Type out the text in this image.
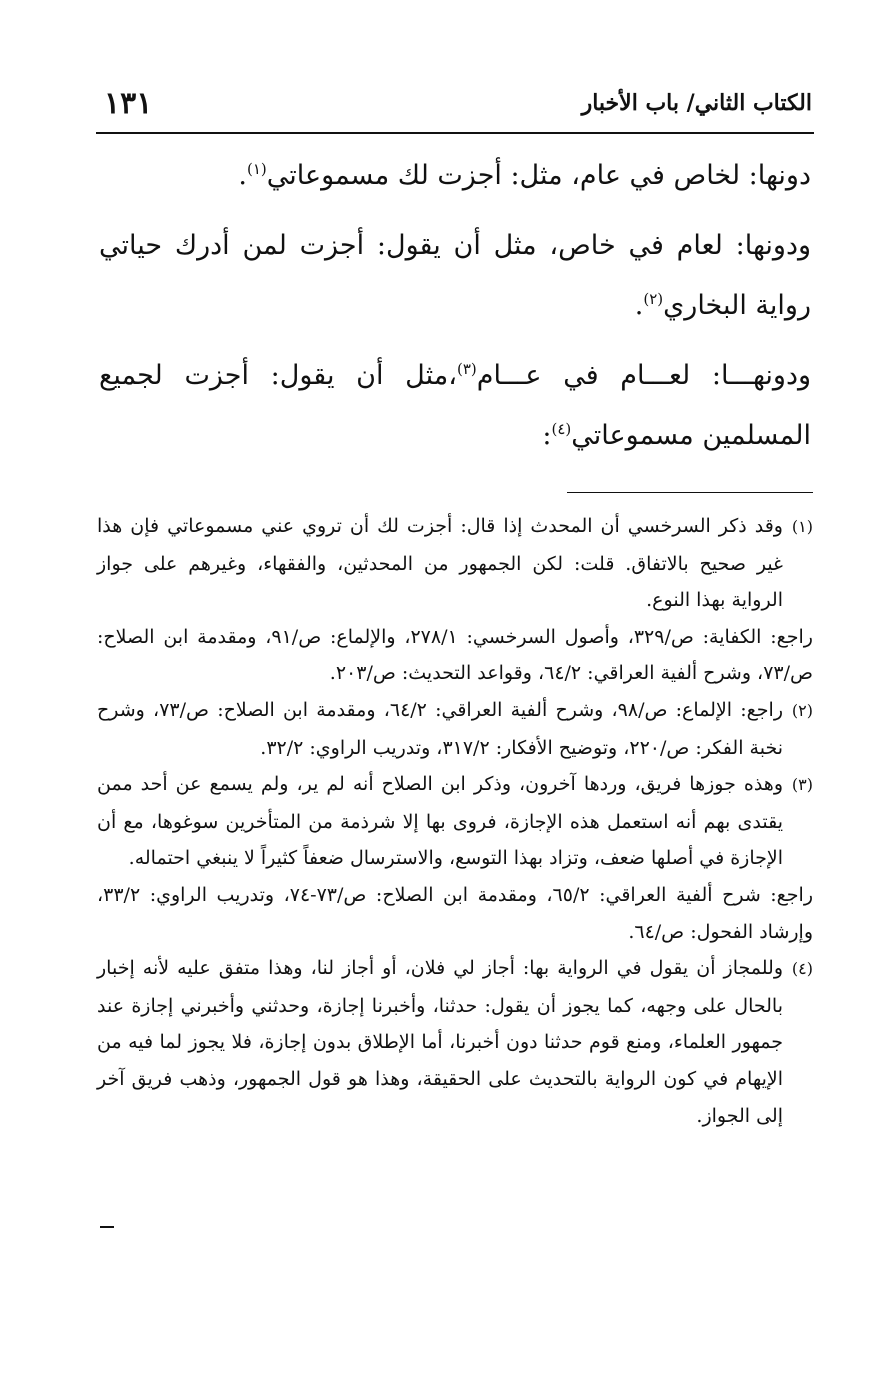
الكتاب الثاني/ باب الأخبار
١٣١

دونها: لخاص في عام، مثل: أجزت لك مسموعاتي$^{(١)}$.

ودونها: لعام في خاص، مثل أن يقول: أجزت لمن أدرك حياتي رواية البخاري$^{(٢)}$.

ودونهـــا: لعـــام في عـــام$^{(٣)}$،مثل أن يقول: أجزت لجميع المسلمين مسموعاتي$^{(٤)}$:

(١)وقد ذكر السرخسي أن المحدث إذا قال: أجزت لك أن تروي عني مسموعاتي فإن هذا غير صحيح بالاتفاق. قلت: لكن الجمهور من المحدثين، والفقهاء، وغيرهم على جواز الرواية بهذا النوع.

راجع: الكفاية: ص/٣٢٩، وأصول السرخسي: ٢٧٨/١، والإلماع: ص/٩١، ومقدمة ابن الصلاح: ص/٧٣، وشرح ألفية العراقي: ٦٤/٢، وقواعد التحديث: ص/٢٠٣.

(٢)راجع: الإلماع: ص/٩٨، وشرح ألفية العراقي: ٦٤/٢، ومقدمة ابن الصلاح: ص/٧٣، وشرح نخبة الفكر: ص/٢٢٠، وتوضيح الأفكار: ٣١٧/٢، وتدريب الراوي: ٣٢/٢.

(٣)وهذه جوزها فريق، وردها آخرون، وذكر ابن الصلاح أنه لم ير، ولم يسمع عن أحد ممن يقتدى بهم أنه استعمل هذه الإجازة، فروى بها إلا شرذمة من المتأخرين سوغوها، مع أن الإجازة في أصلها ضعف، وتزاد بهذا التوسع، والاسترسال ضعفاً كثيراً لا ينبغي احتماله.

راجع: شرح ألفية العراقي: ٦٥/٢، ومقدمة ابن الصلاح: ص/٧٣-٧٤، وتدريب الراوي: ٣٣/٢، وإرشاد الفحول: ص/٦٤.

(٤)وللمجاز أن يقول في الرواية بها: أجاز لي فلان، أو أجاز لنا، وهذا متفق عليه لأنه إخبار بالحال على وجهه، كما يجوز أن يقول: حدثنا، وأخبرنا إجازة، وحدثني وأخبرني إجازة عند جمهور العلماء، ومنع قوم حدثنا دون أخبرنا، أما الإطلاق بدون إجازة، فلا يجوز لما فيه من الإيهام في كون الرواية بالتحديث على الحقيقة، وهذا هو قول الجمهور، وذهب فريق آخر إلى الجواز.
